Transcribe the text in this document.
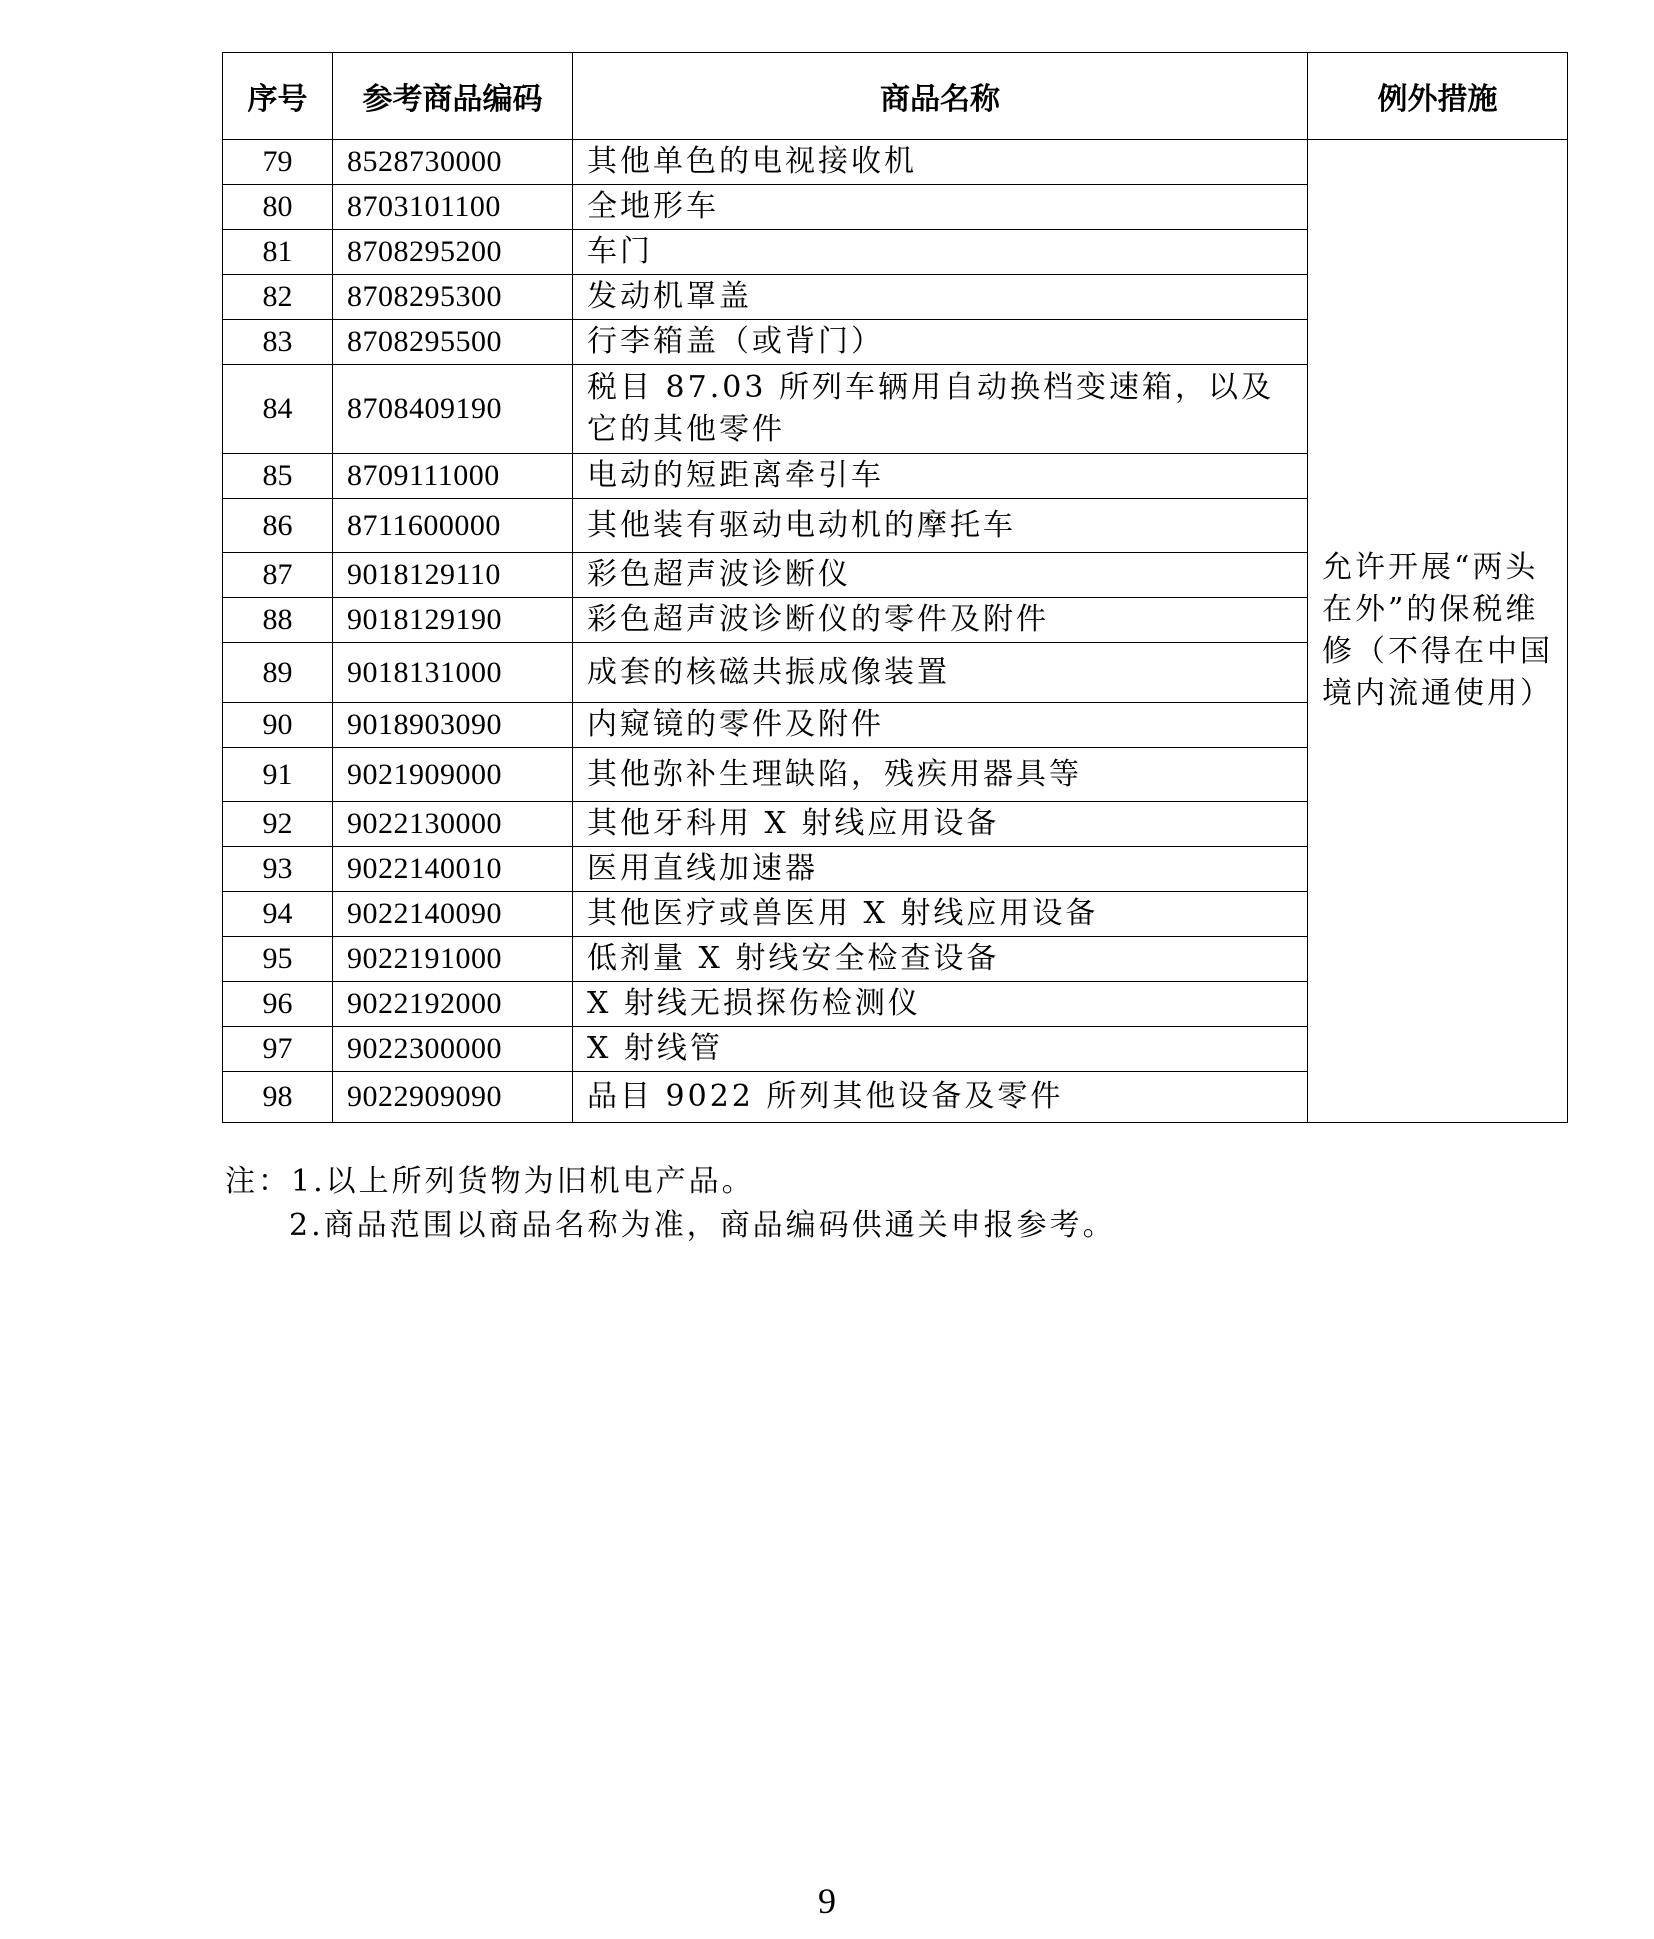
序号	参考商品编码	商品名称	例外措施
79	8528730000	其他单色的电视接收机	允许开展“两头在外”的保税维修（不得在中国境内流通使用）
80	8703101100	全地形车	
81	8708295200	车门	
82	8708295300	发动机罩盖	
83	8708295500	行李箱盖（或背门）	
84	8708409190	税目 87.03 所列车辆用自动换档变速箱，以及它的其他零件	
85	8709111000	电动的短距离牵引车	
86	8711600000	其他装有驱动电动机的摩托车	
87	9018129110	彩色超声波诊断仪	
88	9018129190	彩色超声波诊断仪的零件及附件	
89	9018131000	成套的核磁共振成像装置	
90	9018903090	内窥镜的零件及附件	
91	9021909000	其他弥补生理缺陷，残疾用器具等	
92	9022130000	其他牙科用 X 射线应用设备	
93	9022140010	医用直线加速器	
94	9022140090	其他医疗或兽医用 X 射线应用设备	
95	9022191000	低剂量 X 射线安全检查设备	
96	9022192000	X 射线无损探伤检测仪	
97	9022300000	X 射线管	
98	9022909090	品目 9022 所列其他设备及零件	
注：1.以上所列货物为旧机电产品。
2.商品范围以商品名称为准，商品编码供通关申报参考。
9
